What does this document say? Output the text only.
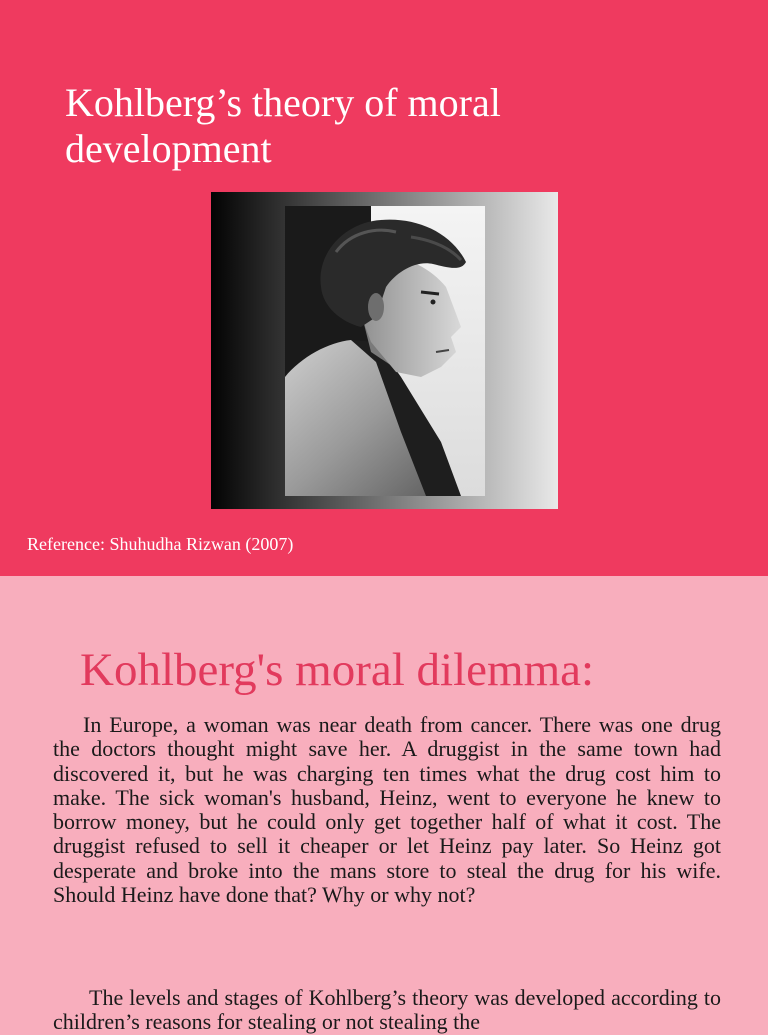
Kohlberg’s theory of moral development

Reference: Shuhudha Rizwan (2007)

Kohlberg's moral dilemma:

In Europe, a woman was near death from cancer. There was one drug the doctors thought might save her. A druggist in the same town had discovered it, but he was charging ten times what the drug cost him to make. The sick woman's husband, Heinz, went to everyone he knew to borrow money, but he could only get together half of what it cost. The druggist refused to sell it cheaper or let Heinz pay later. So Heinz got desperate and broke into the mans store to steal the drug for his wife. Should Heinz have done that? Why or why not?

The levels and stages of Kohlberg’s theory was developed according to children’s reasons for stealing or not stealing the
